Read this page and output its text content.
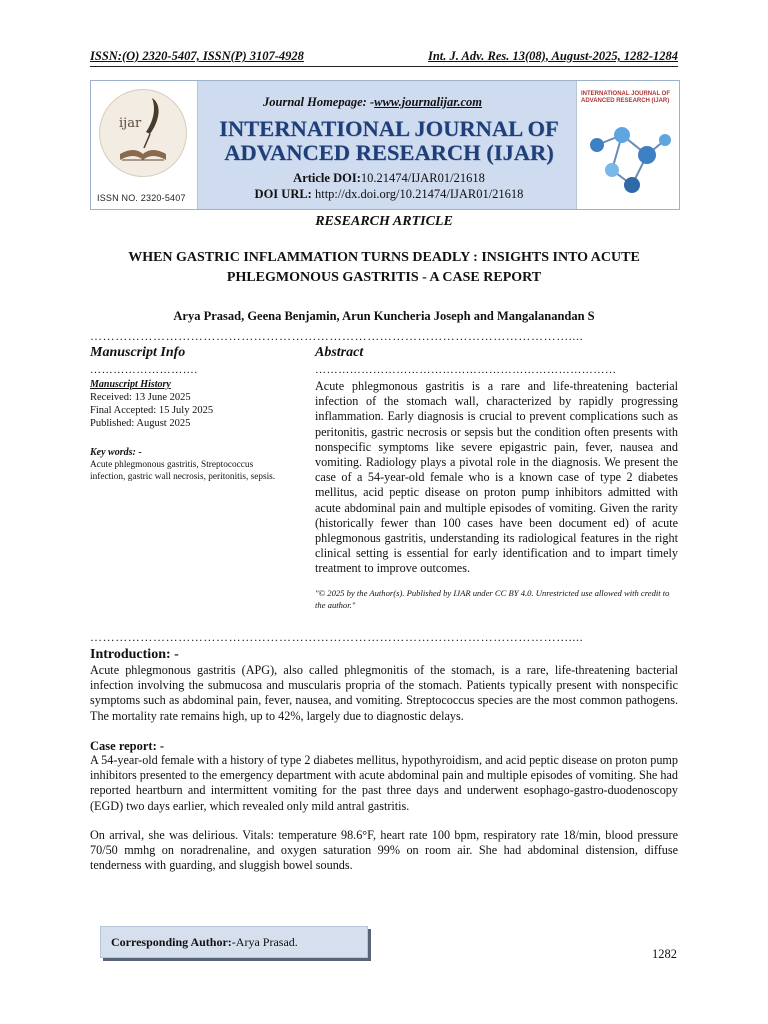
ISSN:(O) 2320-5407, ISSN(P) 3107-4928	Int. J. Adv. Res. 13(08), August-2025, 1282-1284
ijar
ISSN NO. 2320-5407
Journal Homepage: -www.journalijar.com
INTERNATIONAL JOURNAL OF
ADVANCED RESEARCH (IJAR)
Article DOI:10.21474/IJAR01/21618
DOI URL: http://dx.doi.org/10.21474/IJAR01/21618
INTERNATIONAL JOURNAL OF ADVANCED RESEARCH (IJAR)
RESEARCH ARTICLE
WHEN GASTRIC INFLAMMATION TURNS DEADLY : INSIGHTS INTO ACUTE
PHLEGMONOUS GASTRITIS - A CASE REPORT
Arya Prasad, Geena Benjamin, Arun Kuncheria Joseph and Mangalanandan S
……………………………………………………………………………………………………....
Manuscript Info
……………………….
Manuscript History
Received: 13 June 2025
Final Accepted: 15 July 2025
Published: August 2025
Key words: -
Acute phlegmonous gastritis, Streptococcus infection, gastric wall necrosis, peritonitis, sepsis.
Abstract
……………………………………………………………………
Acute phlegmonous gastritis is a rare and life-threatening bacterial infection of the stomach wall, characterized by rapidly progressing inflammation. Early diagnosis is crucial to prevent complications such as peritonitis, gastric necrosis or sepsis but the condition often presents with nonspecific symptoms like severe epigastric pain, fever, nausea and vomiting. Radiology plays a pivotal role in the diagnosis. We present the case of a 54-year-old female who is a known case of type 2 diabetes mellitus, acid peptic disease on proton pump inhibitors admitted with acute abdominal pain and multiple episodes of vomiting. Given the rarity (historically fewer than 100 cases have been document ed) of acute phlegmonous gastritis, understanding its radiological features in the right clinical setting is essential for early identification and to impart timely treatment to improve outcomes.
"© 2025 by the Author(s). Published by IJAR under CC BY 4.0. Unrestricted use allowed with credit to the author."
……………………………………………………………………………………………………....
Introduction: -
Acute phlegmonous gastritis (APG), also called phlegmonitis of the stomach, is a rare, life-threatening bacterial infection involving the submucosa and muscularis propria of the stomach. Patients typically present with nonspecific symptoms such as abdominal pain, fever, nausea, and vomiting. Streptococcus species are the most common pathogens. The mortality rate remains high, up to 42%, largely due to diagnostic delays.
Case report: -
A 54-year-old female with a history of type 2 diabetes mellitus, hypothyroidism, and acid peptic disease on proton pump inhibitors presented to the emergency department with acute abdominal pain and multiple episodes of vomiting. She had reported heartburn and intermittent vomiting for the past three days and underwent esophago-gastro-duodenoscopy (EGD) two days earlier, which revealed only mild antral gastritis.
On arrival, she was delirious. Vitals: temperature 98.6°F, heart rate 100 bpm, respiratory rate 18/min, blood pressure 70/50 mmhg on noradrenaline, and oxygen saturation 99% on room air. She had abdominal distension, diffuse tenderness with guarding, and sluggish bowel sounds.
Corresponding Author: -Arya Prasad.
1282
